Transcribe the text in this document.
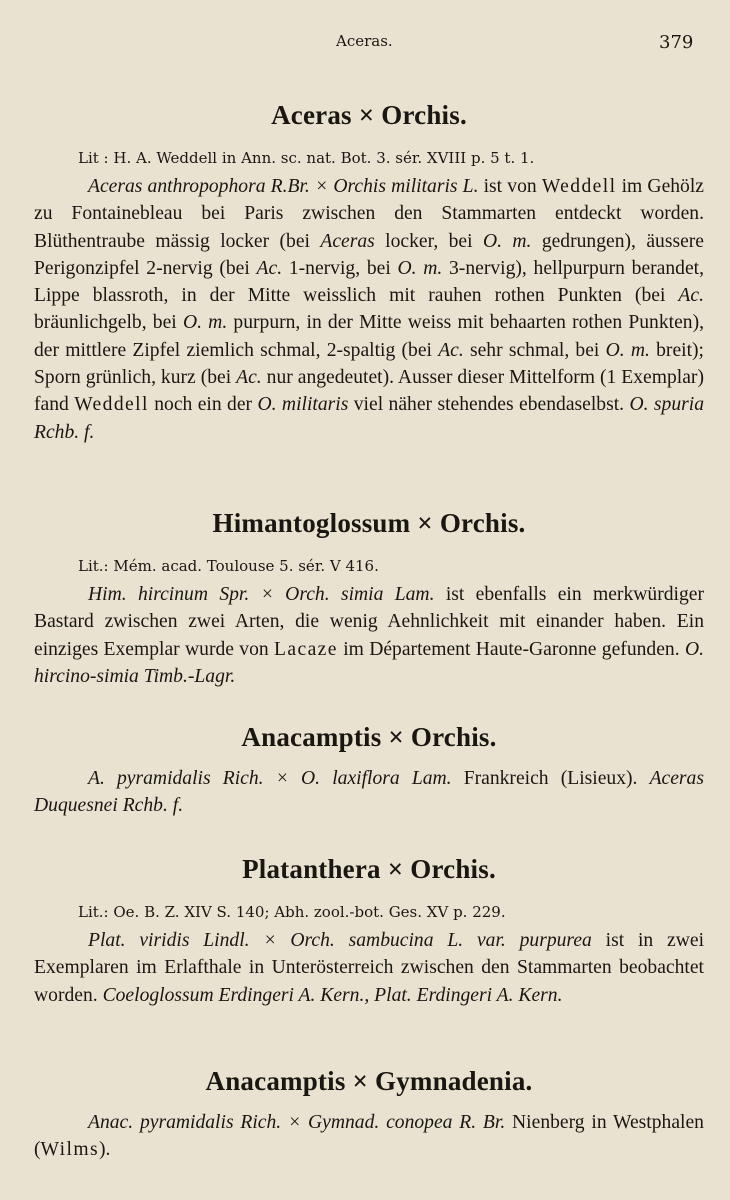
Aceras.	379
Aceras × Orchis.

Lit : H. A. Weddell in Ann. sc. nat. Bot. 3. sér. XVIII p. 5 t. 1.

Aceras anthropophora R.Br. × Orchis militaris L. ist von Weddell im Gehölz zu Fontainebleau bei Paris zwischen den Stammarten entdeckt worden. Blüthentraube mässig locker (bei Aceras locker, bei O. m. gedrungen), äussere Perigonzipfel 2-nervig (bei Ac. 1-nervig, bei O. m. 3-nervig), hellpurpurn berandet, Lippe blassroth, in der Mitte weisslich mit rauhen rothen Punkten (bei Ac. bräunlichgelb, bei O. m. purpurn, in der Mitte weiss mit behaarten rothen Punkten), der mittlere Zipfel ziemlich schmal, 2-spaltig (bei Ac. sehr schmal, bei O. m. breit); Sporn grünlich, kurz (bei Ac. nur angedeutet). Ausser dieser Mittelform (1 Exemplar) fand Weddell noch ein der O. militaris viel näher stehendes ebendaselbst. O. spuria Rchb. f.

Himantoglossum × Orchis.

Lit.: Mém. acad. Toulouse 5. sér. V 416.

Him. hircinum Spr. × Orch. simia Lam. ist ebenfalls ein merkwürdiger Bastard zwischen zwei Arten, die wenig Aehnlichkeit mit einander haben. Ein einziges Exemplar wurde von Lacaze im Département Haute-Garonne gefunden. O. hircino-simia Timb.-Lagr.

Anacamptis × Orchis.

A. pyramidalis Rich. × O. laxiflora Lam. Frankreich (Lisieux). Aceras Duquesnei Rchb. f.

Platanthera × Orchis.

Lit.: Oe. B. Z. XIV S. 140; Abh. zool.-bot. Ges. XV p. 229.

Plat. viridis Lindl. × Orch. sambucina L. var. purpurea ist in zwei Exemplaren im Erlafthale in Unterösterreich zwischen den Stammarten beobachtet worden. Coeloglossum Erdingeri A. Kern., Plat. Erdingeri A. Kern.

Anacamptis × Gymnadenia.

Anac. pyramidalis Rich. × Gymnad. conopea R. Br. Nienberg in Westphalen (Wilms).
